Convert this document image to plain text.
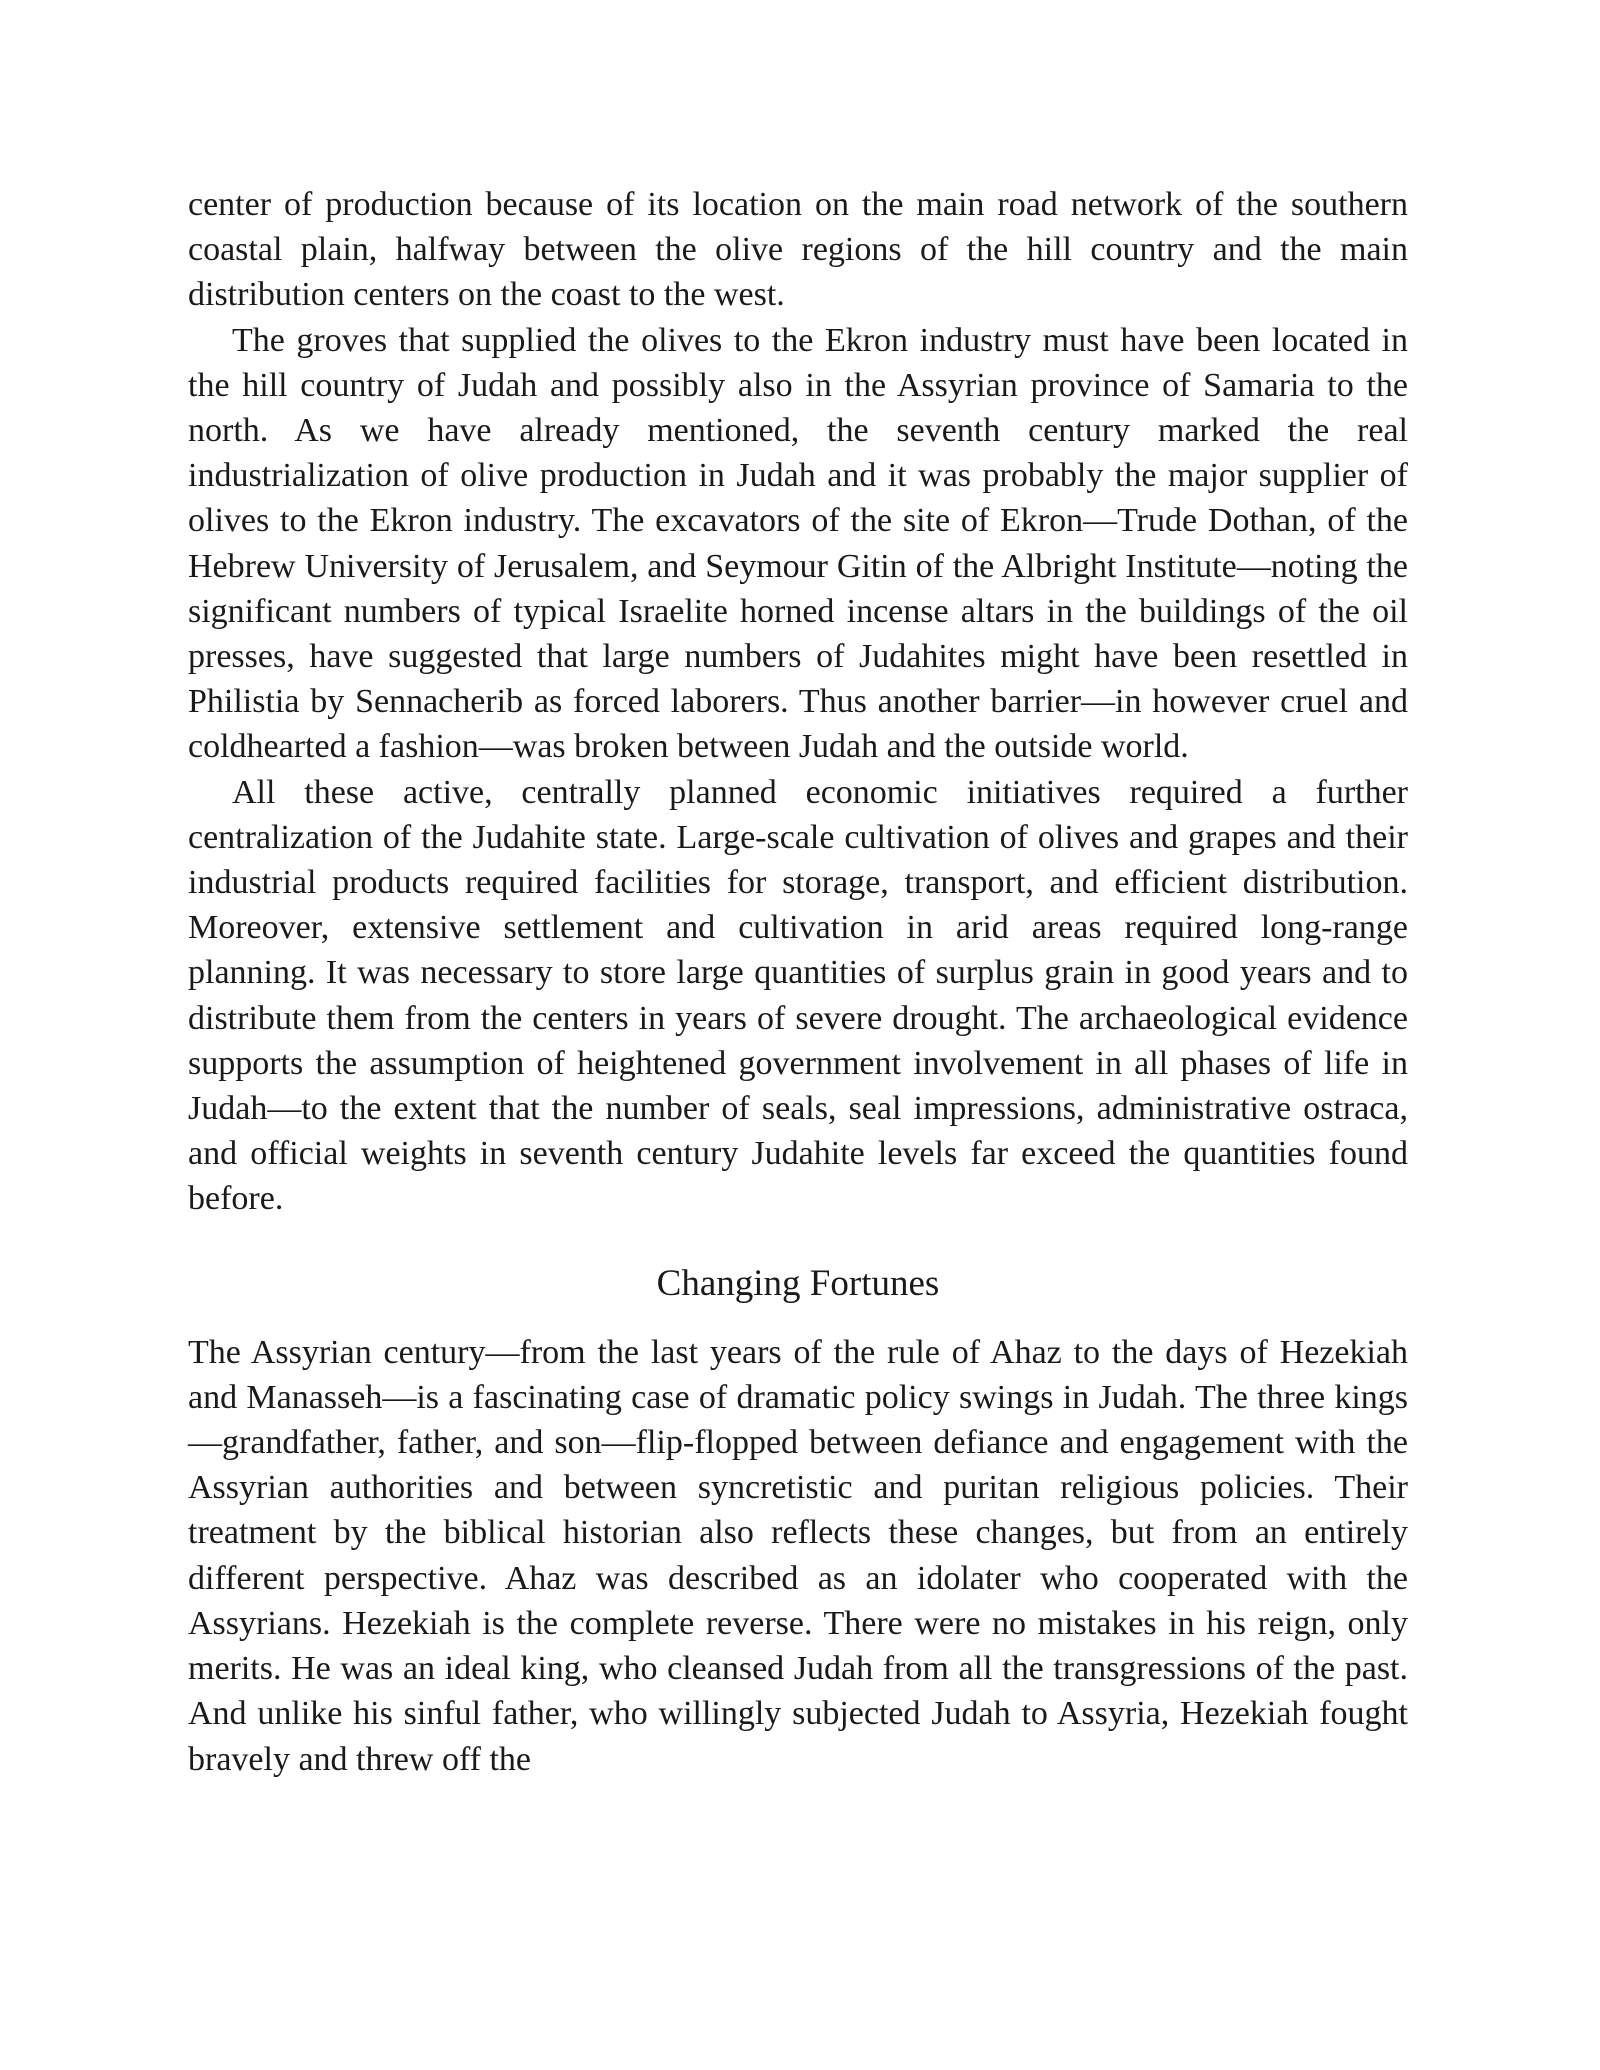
center of production because of its location on the main road network of the southern coastal plain, halfway between the olive regions of the hill country and the main distribution centers on the coast to the west.

The groves that supplied the olives to the Ekron industry must have been located in the hill country of Judah and possibly also in the Assyrian province of Samaria to the north. As we have already mentioned, the seventh century marked the real industrialization of olive production in Judah and it was probably the major supplier of olives to the Ekron industry. The excavators of the site of Ekron—Trude Dothan, of the Hebrew University of Jerusalem, and Seymour Gitin of the Albright Institute—noting the significant numbers of typical Israelite horned incense altars in the buildings of the oil presses, have suggested that large numbers of Judahites might have been resettled in Philistia by Sennacherib as forced laborers. Thus another barrier—in however cruel and coldhearted a fashion—was broken between Judah and the outside world.

All these active, centrally planned economic initiatives required a further centralization of the Judahite state. Large-scale cultivation of olives and grapes and their industrial products required facilities for storage, transport, and efficient distribution. Moreover, extensive settlement and cultivation in arid areas required long-range planning. It was necessary to store large quantities of surplus grain in good years and to distribute them from the centers in years of severe drought. The archaeological evidence supports the assumption of heightened government involvement in all phases of life in Judah—to the extent that the number of seals, seal impressions, administrative ostraca, and official weights in seventh century Judahite levels far exceed the quantities found before.

Changing Fortunes

The Assyrian century—from the last years of the rule of Ahaz to the days of Hezekiah and Manasseh—is a fascinating case of dramatic policy swings in Judah. The three kings—grandfather, father, and son—flip-flopped between defiance and engagement with the Assyrian authorities and between syncretistic and puritan religious policies. Their treatment by the biblical historian also reflects these changes, but from an entirely different perspective. Ahaz was described as an idolater who cooperated with the Assyrians. Hezekiah is the complete reverse. There were no mistakes in his reign, only merits. He was an ideal king, who cleansed Judah from all the transgressions of the past. And unlike his sinful father, who willingly subjected Judah to Assyria, Hezekiah fought bravely and threw off the
